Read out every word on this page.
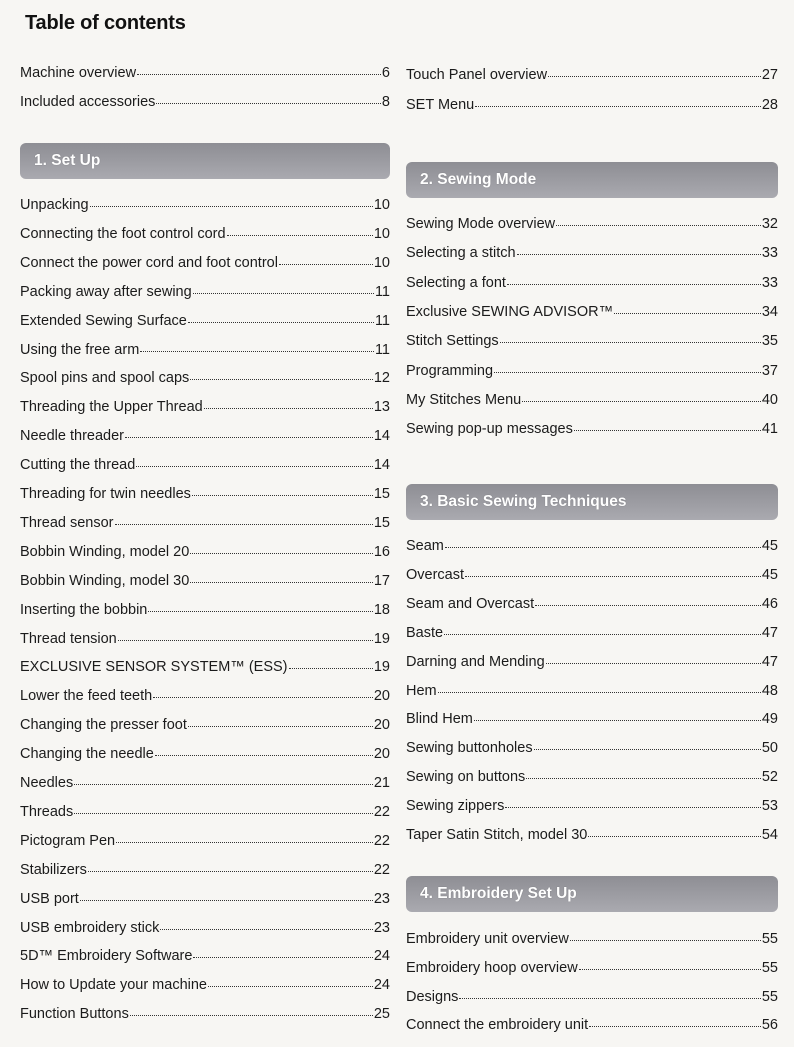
Table of contents
Machine overview	6
Included accessories	8
1. Set Up
Unpacking	10
Connecting the foot control cord	10
Connect the power cord and foot control	10
Packing away after sewing	11
Extended Sewing Surface	11
Using the free arm	11
Spool pins and spool caps	12
Threading the Upper Thread	13
Needle threader	14
Cutting the thread	14
Threading for twin needles	15
Thread sensor	15
Bobbin Winding, model 20	16
Bobbin Winding, model 30	17
Inserting the bobbin	18
Thread tension	19
EXCLUSIVE SENSOR SYSTEM™ (ESS)	19
Lower the feed teeth	20
Changing the presser foot	20
Changing the needle	20
Needles	21
Threads	22
Pictogram Pen	22
Stabilizers	22
USB port	23
USB embroidery stick	23
5D™ Embroidery Software	24
How to Update your machine	24
Function Buttons	25
Touch Panel overview	27
SET Menu	28
2. Sewing Mode
Sewing Mode overview	32
Selecting a stitch	33
Selecting a font	33
Exclusive SEWING ADVISOR™	34
Stitch Settings	35
Programming	37
My Stitches Menu	40
Sewing pop-up messages	41
3. Basic Sewing Techniques
Seam	45
Overcast	45
Seam and Overcast	46
Baste	47
Darning and Mending	47
Hem	48
Blind Hem	49
Sewing buttonholes	50
Sewing on buttons	52
Sewing zippers	53
Taper Satin Stitch, model 30	54
4. Embroidery Set Up
Embroidery unit overview	55
Embroidery hoop overview	55
Designs	55
Connect the embroidery unit	56
